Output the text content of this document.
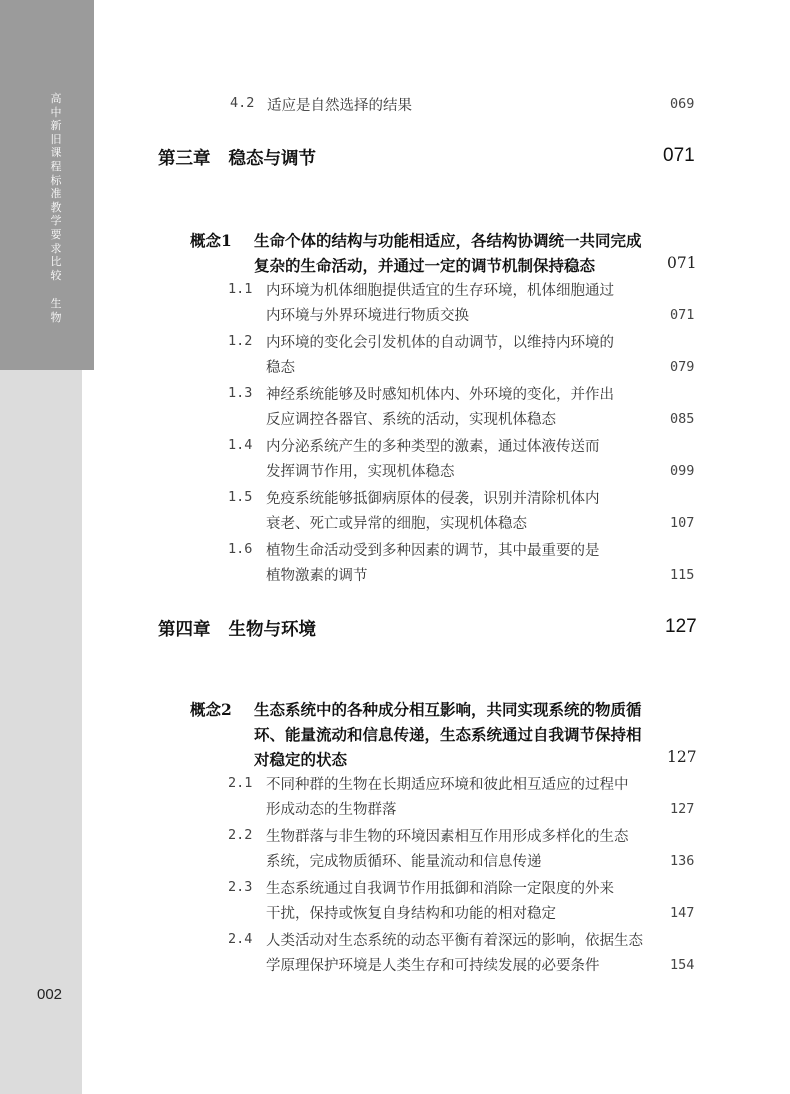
高中新旧课程标准教学要求比较
生物
002
4.2 适应是自然选择的结果	069
第三章 稳态与调节	071
概念1 生命个体的结构与功能相适应，各结构协调统一共同完成
复杂的生命活动，并通过一定的调节机制保持稳态	071
1.1 内环境为机体细胞提供适宜的生存环境，机体细胞通过
内环境与外界环境进行物质交换	071
1.2 内环境的变化会引发机体的自动调节，以维持内环境的
稳态	079
1.3 神经系统能够及时感知机体内、外环境的变化，并作出
反应调控各器官、系统的活动，实现机体稳态	085
1.4 内分泌系统产生的多种类型的激素，通过体液传送而
发挥调节作用，实现机体稳态	099
1.5 免疫系统能够抵御病原体的侵袭，识别并清除机体内
衰老、死亡或异常的细胞，实现机体稳态	107
1.6 植物生命活动受到多种因素的调节，其中最重要的是
植物激素的调节	115
第四章 生物与环境	127
概念2 生态系统中的各种成分相互影响，共同实现系统的物质循
环、能量流动和信息传递，生态系统通过自我调节保持相
对稳定的状态	127
2.1 不同种群的生物在长期适应环境和彼此相互适应的过程中
形成动态的生物群落	127
2.2 生物群落与非生物的环境因素相互作用形成多样化的生态
系统，完成物质循环、能量流动和信息传递	136
2.3 生态系统通过自我调节作用抵御和消除一定限度的外来
干扰，保持或恢复自身结构和功能的相对稳定	147
2.4 人类活动对生态系统的动态平衡有着深远的影响，依据生态
学原理保护环境是人类生存和可持续发展的必要条件	154
